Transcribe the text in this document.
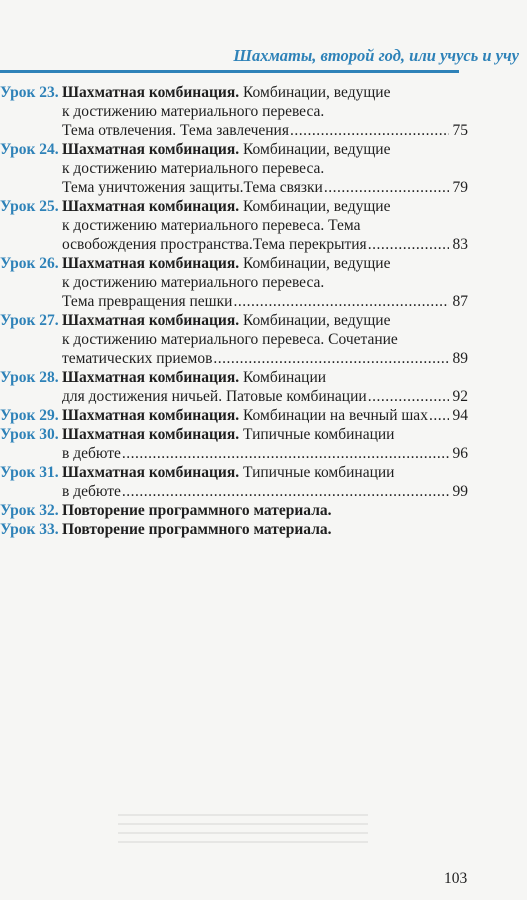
Шахматы, второй год, или учусь и учу
Урок 23. Шахматная комбинация. Комбинации, ведущие
к достижению материального перевеса.
Тема отвлечения. Тема завлечения .....	75
Урок 24. Шахматная комбинация. Комбинации, ведущие
к достижению материального перевеса.
Тема уничтожения защиты.Тема связки .....	79
Урок 25. Шахматная комбинация. Комбинации, ведущие
к достижению материального перевеса. Тема
освобождения пространства.Тема перекрытия .....	83
Урок 26. Шахматная комбинация. Комбинации, ведущие
к достижению материального перевеса.
Тема превращения пешки .....	87
Урок 27. Шахматная комбинация. Комбинации, ведущие
к достижению материального перевеса. Сочетание
тематических приемов .....	89
Урок 28. Шахматная комбинация. Комбинации
для достижения ничьей. Патовые комбинации .....	92
Урок 29. Шахматная комбинация. Комбинации на вечный шах ..... 94
Урок 30. Шахматная комбинация. Типичные комбинации
в дебюте .....	96
Урок 31. Шахматная комбинация. Типичные комбинации
в дебюте .....	99
Урок 32. Повторение программного материала.
Урок 33. Повторение программного материала.
103
